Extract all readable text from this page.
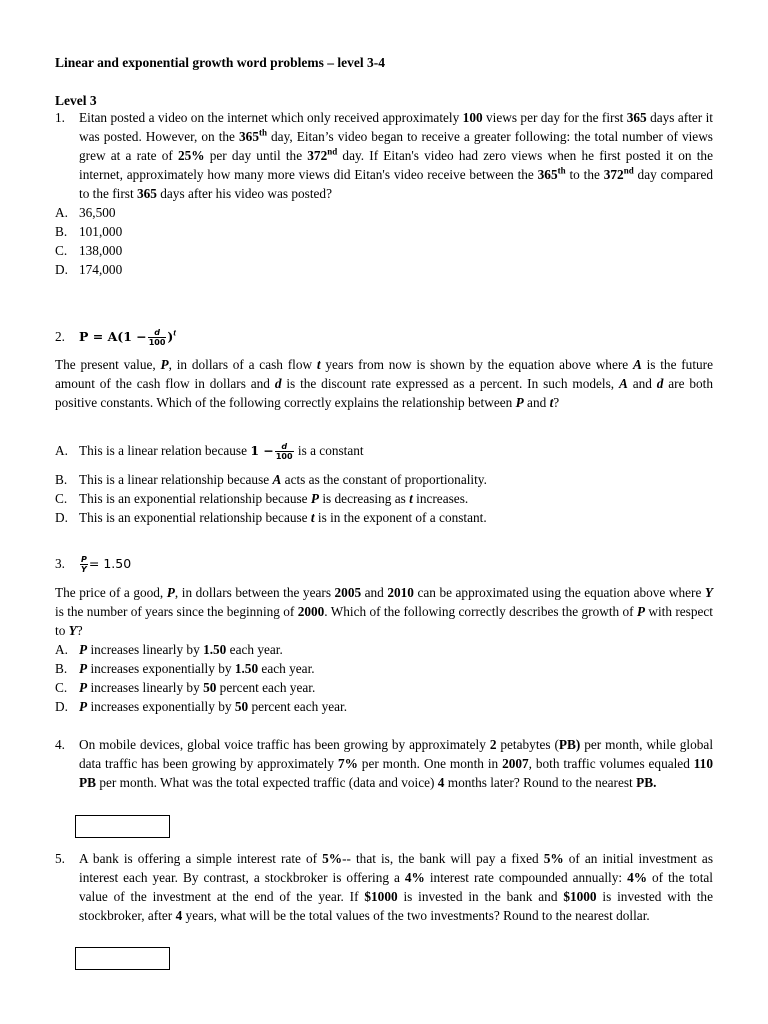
Linear and exponential growth word problems – level 3-4
Level 3
1. Eitan posted a video on the internet which only received approximately 100 views per day for the first 365 days after it was posted. However, on the 365th day, Eitan’s video began to receive a greater following: the total number of views grew at a rate of 25% per day until the 372nd day. If Eitan's video had zero views when he first posted it on the internet, approximately how many more views did Eitan's video receive between the 365th to the 372nd day compared to the first 365 days after his video was posted?
A. 36,500
B. 101,000
C. 138,000
D. 174,000
2. $P = A(1 - \frac{d}{100} )^t$
The present value, P, in dollars of a cash flow t years from now is shown by the equation above where A is the future amount of the cash flow in dollars and d is the discount rate expressed as a percent. In such models, A and d are both positive constants. Which of the following correctly explains the relationship between P and t?
A. This is a linear relation because $1 - \frac{d}{100}$ is a constant
B. This is a linear relationship because A acts as the constant of proportionality.
C. This is an exponential relationship because P is decreasing as t increases.
D. This is an exponential relationship because t is in the exponent of a constant.
3. $\frac{P}{Y} = 1.50$
The price of a good, P, in dollars between the years 2005 and 2010 can be approximated using the equation above where Y is the number of years since the beginning of 2000. Which of the following correctly describes the growth of P with respect to Y?
A. P increases linearly by 1.50 each year.
B. P increases exponentially by 1.50 each year.
C. P increases linearly by 50 percent each year.
D. P increases exponentially by 50 percent each year.
4. On mobile devices, global voice traffic has been growing by approximately 2 petabytes (PB) per month, while global data traffic has been growing by approximately 7% per month. One month in 2007, both traffic volumes equaled 110 PB per month. What was the total expected traffic (data and voice) 4 months later? Round to the nearest PB.
5. A bank is offering a simple interest rate of 5%-- that is, the bank will pay a fixed 5% of an initial investment as interest each year. By contrast, a stockbroker is offering a 4% interest rate compounded annually: 4% of the total value of the investment at the end of the year. If $1000 is invested in the bank and $1000 is invested with the stockbroker, after 4 years, what will be the total values of the two investments? Round to the nearest dollar.
